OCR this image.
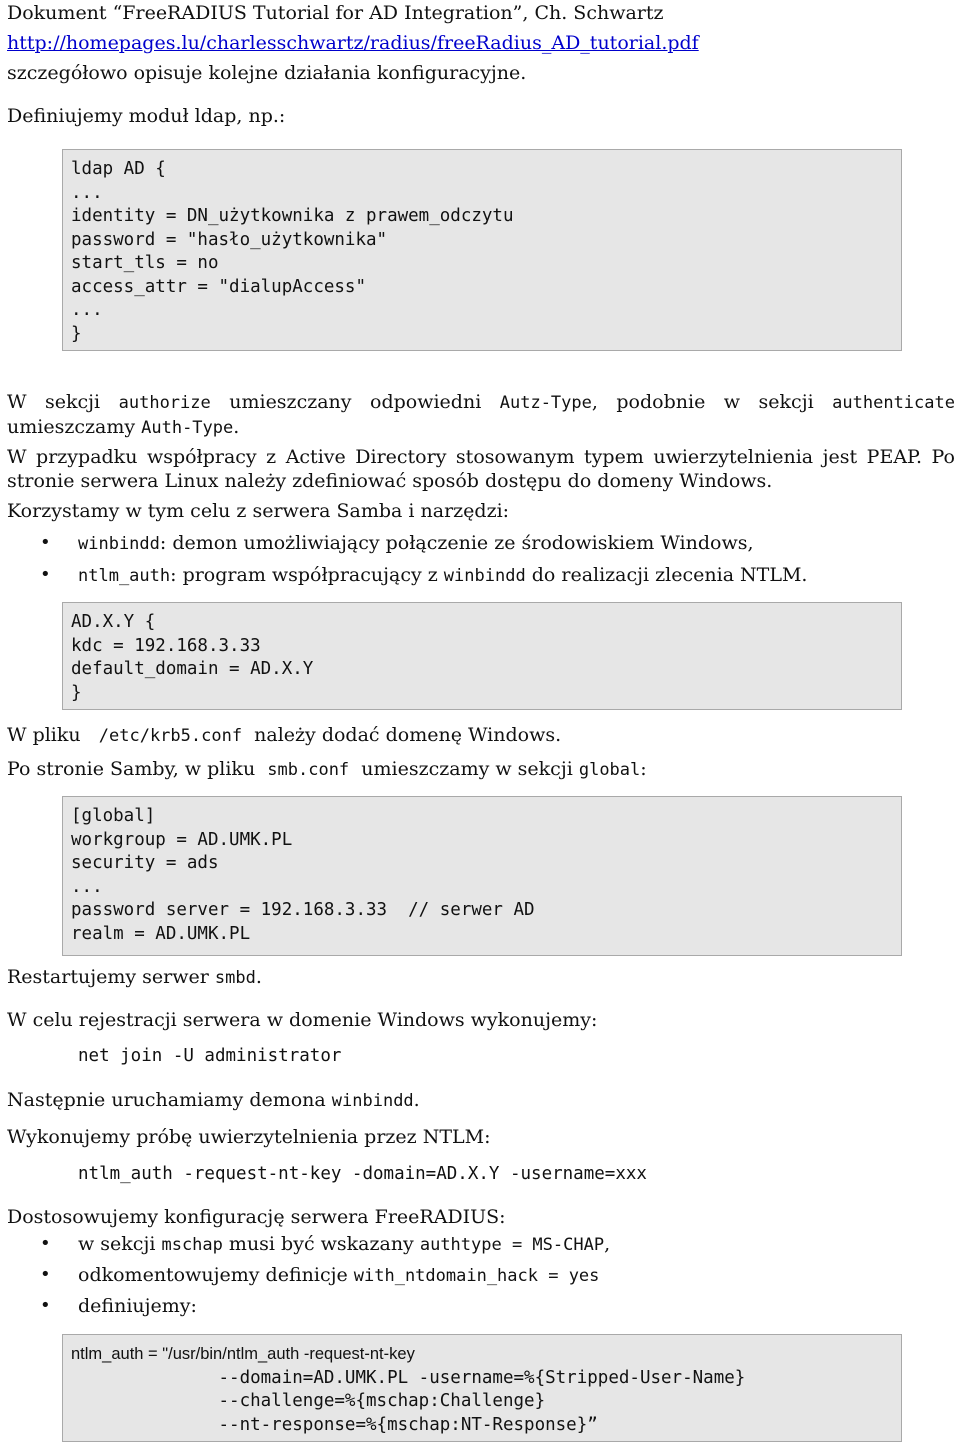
Dokument “FreeRADIUS Tutorial for AD Integration”, Ch. Schwartz
http://homepages.lu/charlesschwartz/radius/freeRadius_AD_tutorial.pdf
szczegółowo opisuje kolejne działania konfiguracyjne.
Definiujemy moduł ldap, np.:
ldap AD {
...
identity = DN_użytkownika z prawem_odczytu
password = "hasło_użytkownika"
start_tls = no
access_attr = "dialupAccess"
...
}
W sekcji authorize umieszczany odpowiedni Autz-Type, podobnie w sekcji authenticate
umieszczamy Auth-Type.
W przypadku współpracy z Active Directory stosowanym typem uwierzytelnienia jest PEAP. Po
stronie serwera Linux należy zdefiniować sposób dostępu do domeny Windows.
Korzystamy w tym celu z serwera Samba i narzędzi:
• winbindd: demon umożliwiający połączenie ze środowiskiem Windows,
• ntlm_auth: program współpracujący z winbindd do realizacji zlecenia NTLM.
AD.X.Y {
kdc = 192.168.3.33
default_domain = AD.X.Y
}
W pliku /etc/krb5.conf należy dodać domenę Windows.
Po stronie Samby, w pliku smb.conf umieszczamy w sekcji global:
[global]
workgroup = AD.UMK.PL
security = ads
...
password server = 192.168.3.33  // serwer AD
realm = AD.UMK.PL
Restartujemy serwer smbd.
W celu rejestracji serwera w domenie Windows wykonujemy:
net join -U administrator
Następnie uruchamiamy demona winbindd.
Wykonujemy próbę uwierzytelnienia przez NTLM:
ntlm_auth -request-nt-key -domain=AD.X.Y -username=xxx
Dostosowujemy konfigurację serwera FreeRADIUS:
• w sekcji mschap musi być wskazany authtype = MS-CHAP,
• odkomentowujemy definicje with_ntdomain_hack = yes
• definiujemy:
ntlm_auth = "/usr/bin/ntlm_auth -request-nt-key
--domain=AD.UMK.PL -username=%{Stripped-User-Name}
--challenge=%{mschap:Challenge}
--nt-response=%{mschap:NT-Response}”
